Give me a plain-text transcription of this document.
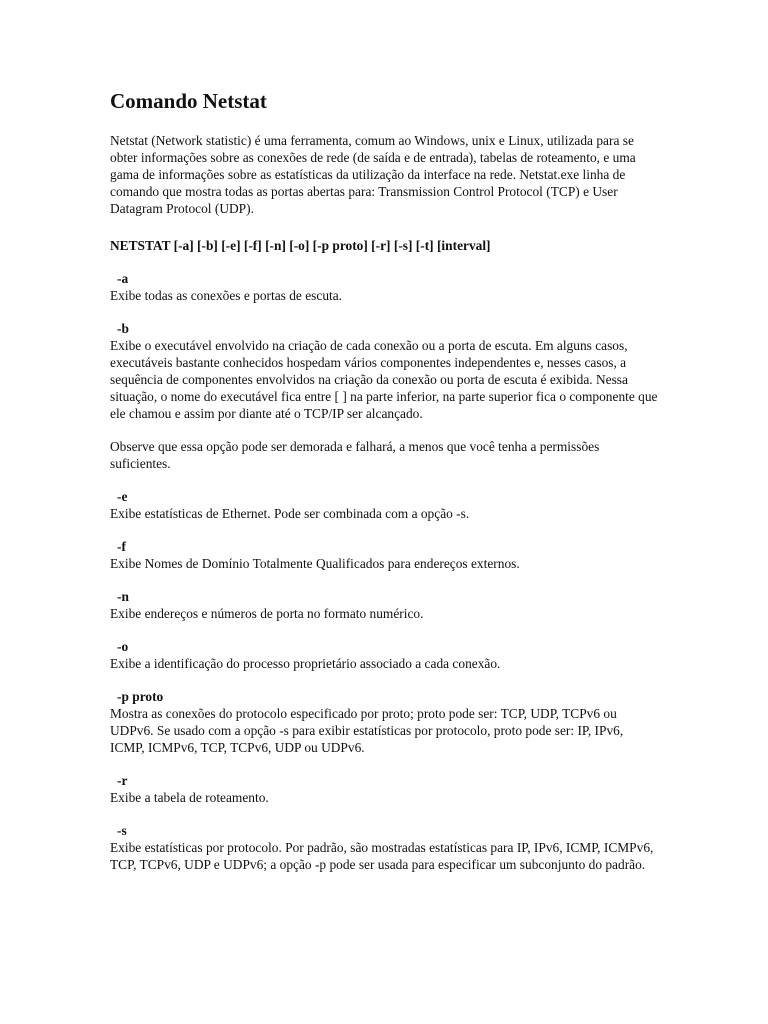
Comando Netstat

Netstat (Network statistic) é uma ferramenta, comum ao Windows, unix e Linux, utilizada para se obter informações sobre as conexões de rede (de saída e de entrada), tabelas de roteamento, e uma gama de informações sobre as estatísticas da utilização da interface na rede. Netstat.exe linha de comando que mostra todas as portas abertas para: Transmission Control Protocol (TCP) e User Datagram Protocol (UDP).

NETSTAT [-a] [-b] [-e] [-f] [-n] [-o] [-p proto] [-r] [-s] [-t] [interval]

-a

Exibe todas as conexões e portas de escuta.

-b

Exibe o executável envolvido na criação de cada conexão ou a porta de escuta. Em alguns casos, executáveis bastante conhecidos hospedam vários componentes independentes e, nesses casos, a sequência de componentes envolvidos na criação da conexão ou porta de escuta é exibida. Nessa situação, o nome do executável fica entre [ ] na parte inferior, na parte superior fica o componente que ele chamou e assim por diante até o TCP/IP ser alcançado.

Observe que essa opção pode ser demorada e falhará, a menos que você tenha a permissões suficientes.

-e

Exibe estatísticas de Ethernet. Pode ser combinada com a opção -s.

-f

Exibe Nomes de Domínio Totalmente Qualificados para endereços externos.

-n

Exibe endereços e números de porta no formato numérico.

-o

Exibe a identificação do processo proprietário associado a cada conexão.

-p proto

Mostra as conexões do protocolo especificado por proto; proto pode ser: TCP, UDP, TCPv6 ou UDPv6. Se usado com a opção -s para exibir estatísticas por protocolo, proto pode ser: IP, IPv6, ICMP, ICMPv6, TCP, TCPv6, UDP ou UDPv6.

-r

Exibe a tabela de roteamento.

-s

Exibe estatísticas por protocolo. Por padrão, são mostradas estatísticas para IP, IPv6, ICMP, ICMPv6, TCP, TCPv6, UDP e UDPv6; a opção -p pode ser usada para especificar um subconjunto do padrão.
